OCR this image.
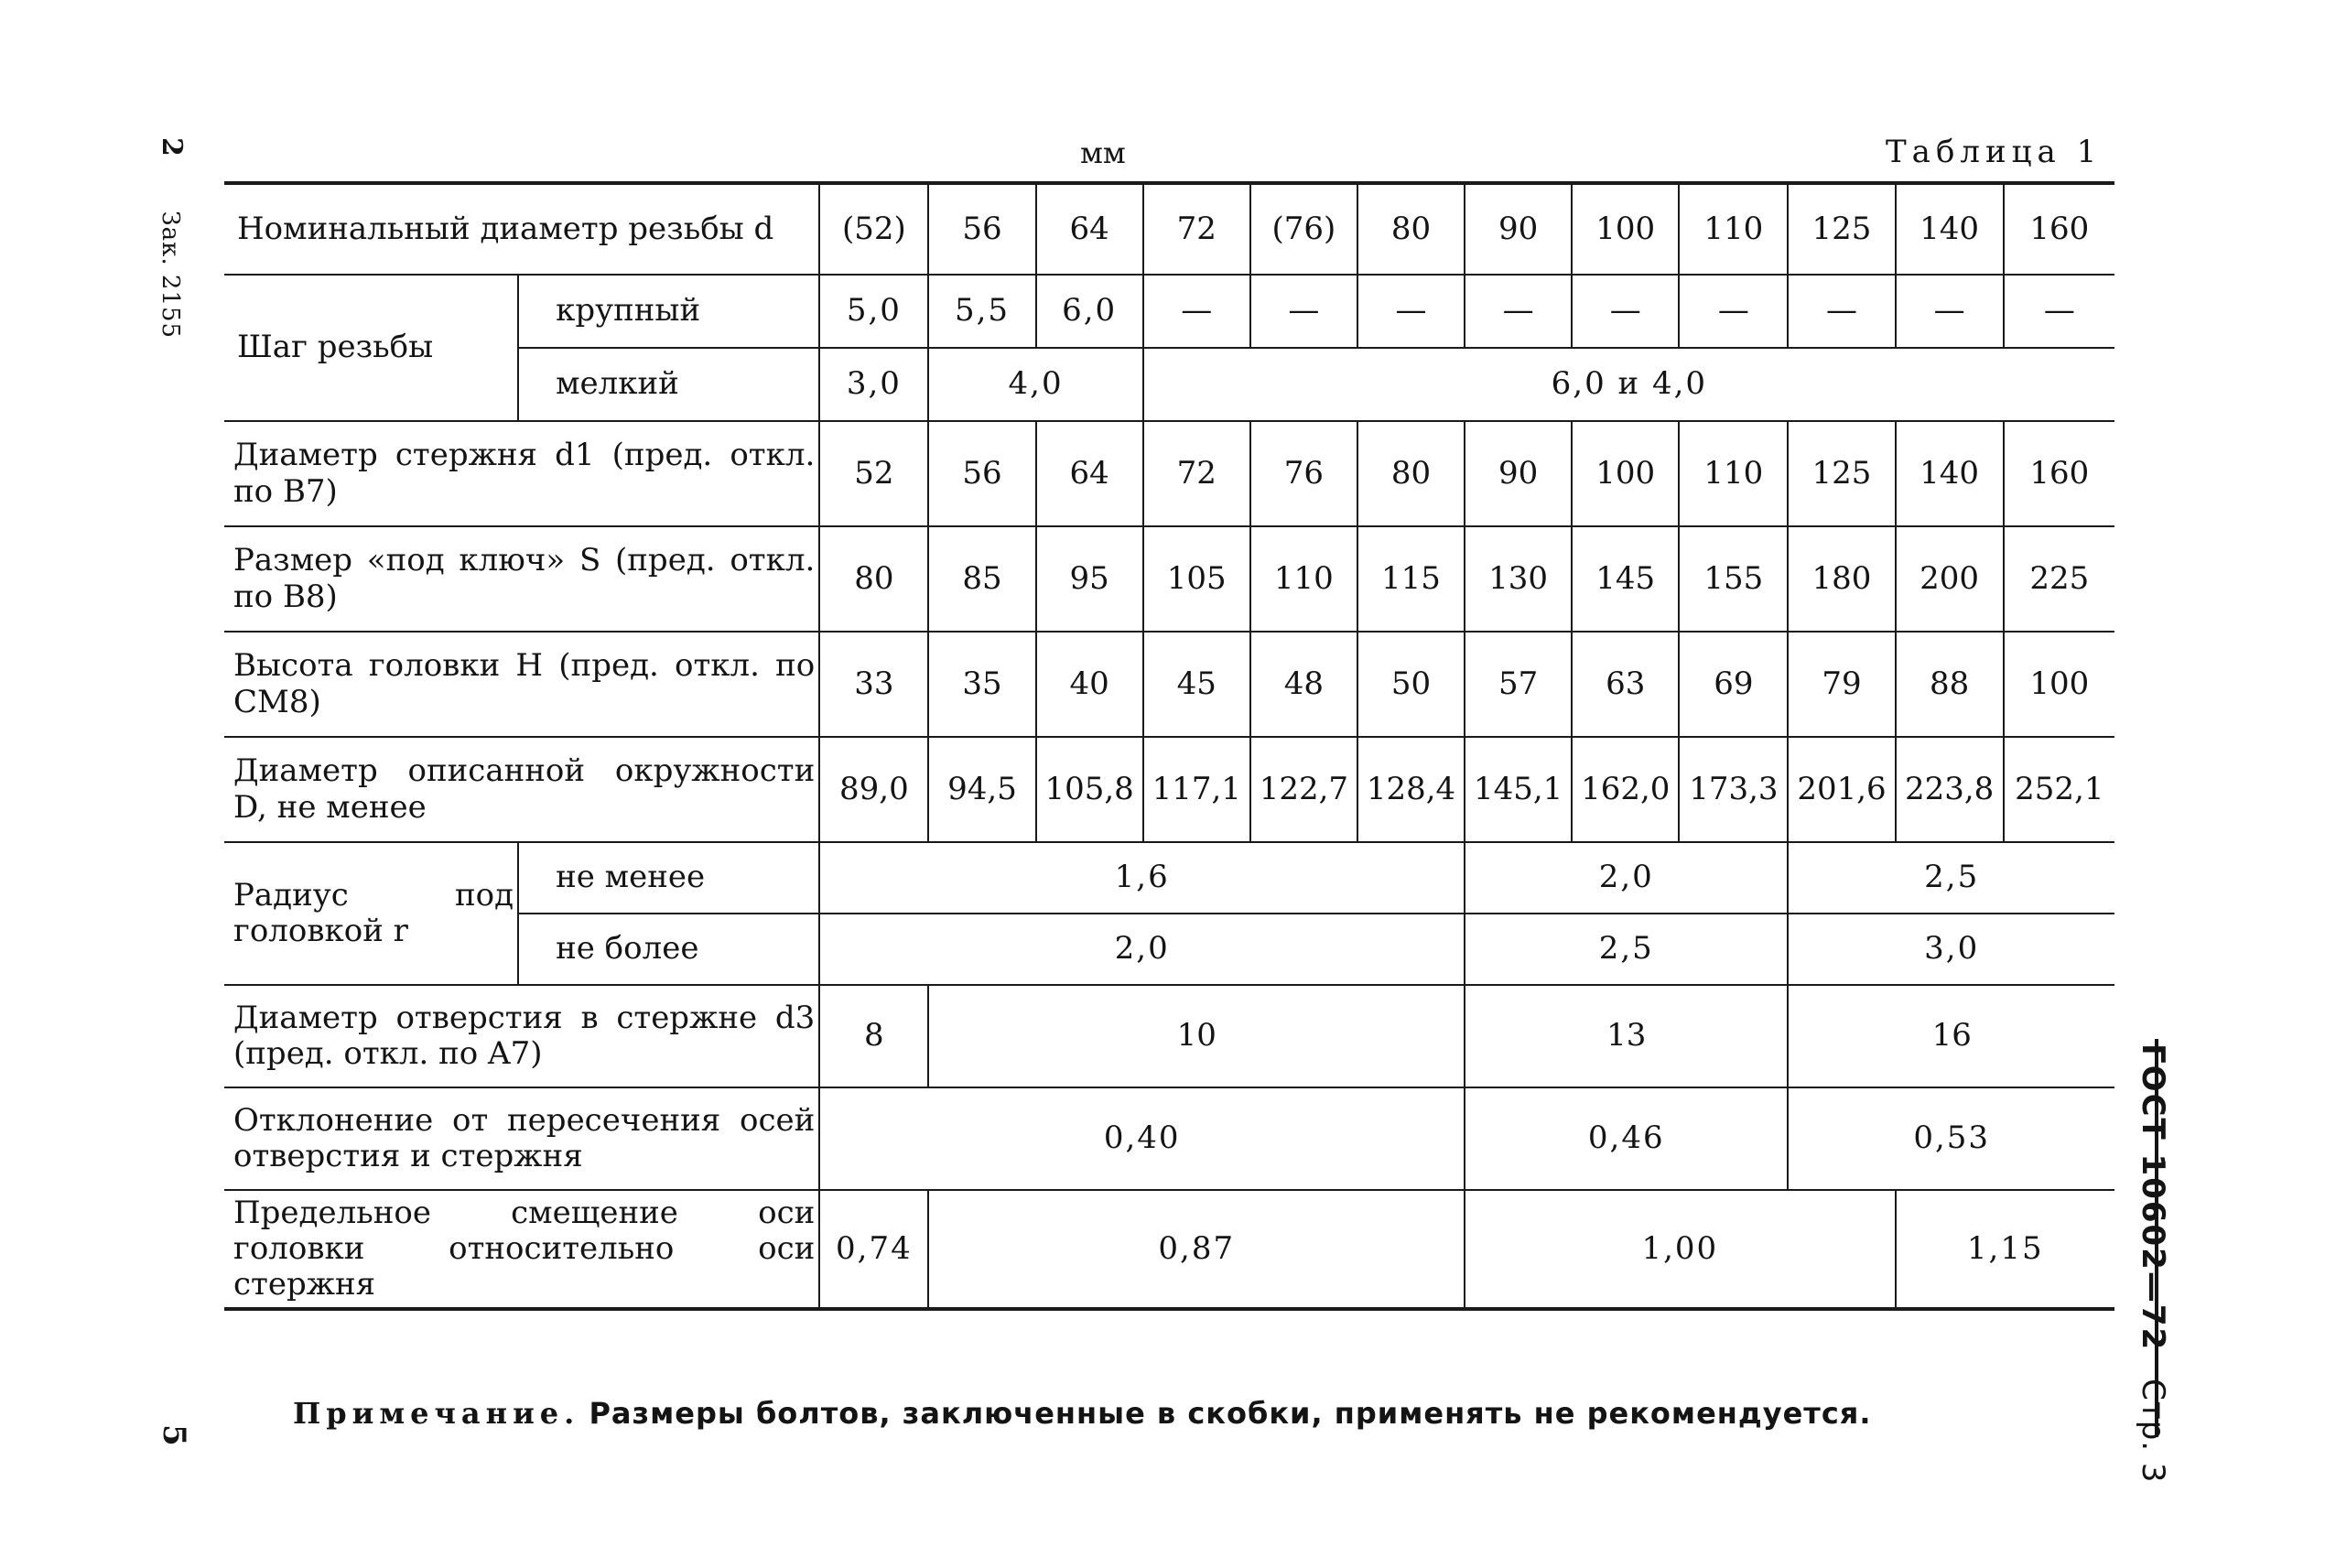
2 Зак. 2155
5
ГОСТ 10602—72Стр. 3
мм	Таблица 1
Номинальный диаметр резьбы d		(52)	56	64	72	(76)	80	90	100	110	125	140	160
Шаг резьбы	крупный	5,0	5,5	6,0	—	—	—	—	—	—	—	—	—
	мелкий	3,0	4,0		6,0 и 4,0								
Диаметр стержня d1 (пред. откл. по B7)		52	56	64	72	76	80	90	100	110	125	140	160
Размер «под ключ» S (пред. откл. по B8)		80	85	95	105	110	115	130	145	155	180	200	225
Высота головки H (пред. откл. по CM8)		33	35	40	45	48	50	57	63	69	79	88	100
Диаметр описанной окружности D, не менее		89,0	94,5	105,8	117,1	122,7	128,4	145,1	162,0	173,3	201,6	223,8	252,1
Радиус под головкой r	не менее	1,6						2,0			2,5		
	не более	2,0						2,5			3,0		
Диаметр отверстия в стержне d3 (пред. откл. по A7)		8	10					13			16		
Отклонение от пересечения осей отверстия и стержня		0,40						0,46			0,53		
Предельное смещение оси головки относительно оси стержня		0,74	0,87					1,00				1,15	
Примечание. Размеры болтов, заключенные в скобки, применять не рекомендуется.
